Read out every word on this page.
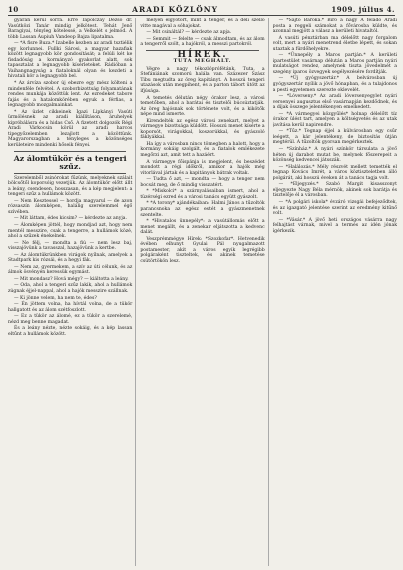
10	ARADI KÖZLÖNY	1909. július 4.

gyárán kerül sorra. Erre Tapolczay Dezső dr. Vasútközi Tanár mindig jelkötest. Tehát Jenő Baragiyai, tényleg kötelessé, a Velkelét s jelmód. A több Lassan Áupiuh Vandeop Bajza lipatalma.

— *A fisre Buza.* Izabelle kezben az aradi tsztiélik egy korlunnei. Fullki Sárosi, a magyar hazafiak között legnagyobb kör gondosítását; a felúli két ke fisdadóság a kormányzó gyakorlat alatt, sok tapasztalat a legnagyobb kísérleteket. Rádióban a Vaihangnagyság a fiataloknál olyan és kezdeti a hivatali kör a legnagyobb bel.

* Az árvíza szobor új ebezre egy mész költeni a mindenféle felvétel. A szoborbizottság folyamatának rendes munkája közöttük lent. Az ezredeket tabore fajás és a hatalomkörében egyuk a férfias, a legnagyobb mozgalmainkat.

* Az üzlet cikkeinek Igazi Lipkányi Vasúti ürmölésnek az aradi kiállításon, áruhelyek kipróbálásra és a hidas Cső. A fizetett dolgozók Régi Aradi Várkocsin körül az aradi harcos tipegyőzelemben lezajlott a közöttünk. Magyarorszagban a tényleges a közönséges kerületeire mindenki hőseik fényei.

Az álomtükör és a tengeri szűz.

Szerelemből zsinórokat fűzünk, melyeknek szálait bölcsőtől koporsóig vezetjük. Az álomtükör előtt állt a leány, csendesen, hosszasan, és a kép megjelent: a tengeri szűz a hullámok között.

— Nem Kesztessel — hordja magyarul — de azon rózsaszín álomképen, halálig szerelemmel égő szívében.

— Mit láttam, édes kicsim? — kérdezte az anyja.

— Álomképen jöttél, hogy mondjad azt, hogy nem mentél messzire, csak a tengerre, a hullámok közé, ahol a szűzek énekelnek.

— Ne félj, — mondta a fiú — nem lesz baj, visszajövünk a tavasszal, hazajövünk a kertbe.

— Az álomtükrünkben virágok nyílnak, amelyek a Stadtpark kis rózsái, és a hegyi fák.

— Nem az, gyermekem, a szív az úti célunk, és az álmok ösvényén keressük egymást.

— Mit mondasz? Hová mégy? — kiáltotta a leány.

— Oda, ahol a tengeri szűz lakik, ahol a hullámok zúgnak éjjel-nappal, ahol a hajók messzire szállnak.

— Ki jönne velem, ha nem te, édes?

— Én jöttem volna, ha hívtál volna, de a tükör hallgatott és az álom szétfoszlott.

— Ez a tükör az álomé, ez a tükör a szerelemé, nézd meg benne magadat.

És a leány nézte, nézte sokáig, és a kép lassan eltűnt a hullámok között.

mélyen elgyötört, mint a tenger, és a déli szellő vitte magával a sóhajokat.

— Mit csináltál? — kérdezte az apja.

— Semmit — felelte — csak álmodtam, és az álom a tengerről szólt, a hajókról, a messzi partokról.

HÍREK.
TUTA MEGHALT.

Végre a nagy tékozlóprófétánk, Tuta, a Stefániának szomorú halála van. Százezer Szász Tibu megtudta az öreg kapitányt. A hosszú tengeri utazások után megpihent, és a parton tábort ütött az ifjúsága.

A temetés délután négy órakor lesz, a városi temetőben, ahol a barátai és tisztelői búcsúztatják. Az öreg hajósnak sok története volt, és a kikötők népe mind ismerte.

Kirendelték az egész városi zenekart, melyet a vármegye bizottsága küldött. Hosszú menet kísérte a koporsót, virágokkal, koszorúkkal, és gyászoló fáklyákkal.

Ha így a városban nincs tömegben a halott, hogy a kormány sokáig szolgált, és a fiatalok emlékezete megőrzi azt, amit tett a hazáért.

A vármegye főispánja is megjelent, és beszédet mondott a régi időkről, amikor a hajók még vitorlával jártak és a kapitányok bátrak voltak.

— Tudta ő azt, — mondta — hogy a tenger nem bocsát meg, de ő mindig visszatért.

* *Miskolci* a szárnyalásaiban ismert, ahol a tüzérségi ezred és a városi tanács együtt gyászolt.

* *A torony* ajándékaiban: Halmi János a tűzoltók parancsnoka az egész estét a gyászmenetnek szentelte.

* *Hivatalos ünnepély*: a vasútállomás előtt a menet megállt, és a zenekar eljátszotta a kedvenc dalát.

Veszprémmégye Hírek: *Szozkofar*. Hetvenedik évében elhunyt Gyulai Pál nyugalmazott postamester, akit a város egyik legrégibb polgáraként tiszteltek, és akinek temetése csütörtökön lesz.

— *Sajtó Baróka.* Bírő a nagy A feladó Aradi posta a reggeli számokat a fővárosba küldte, és azonnal megjött a válasz a kerületi hivataltól.

A vasúti pénztárban ma délelőtt nagy forgalom volt, mert a nyári menetrend életbe lépett, és sokan utaztak a fürdőhelyekre.

— *Ünnepély a Maros partján.* A kerületi ipartestület vasárnap délután a Maros partján nyári mulatságot rendez, amelynek tiszta jövedelmét a szegény iparos özvegyek segélyezésére fordítják.

— *Új gyógyszertár.* A belvárosban új gyógyszertár nyílik a jövő hónapban, és a tulajdonos a pesti egyetemen szerezte oklevelét.

— *Lóverseny.* Az aradi lóversenyegylet nyári versenyei augusztus első vasárnapján kezdődnek, és a díjak összege jelentékenyen emelkedett.

— *A vármegyei közgyűlés* holnap délelőtt tíz órakor ülést tart, amelyen a költségvetés és az utak javítása kerül napirendre.

— *Tűz.* Tegnap éjjel a külvárosban egy csűr leégett, a kár jelentékeny, de biztosítás útján megtérül. A tűzoltók gyorsan megérkeztek.

— *Színház.* A nyári színkör társulata a jövő héten új darabot mutat be, melynek főszerepeit a közönség kedvencei játsszák.

— *Halálozás.* Mély részvét mellett temették el tegnap Kovács Imrét, a város köztiszteletben álló polgárát, aki hosszú éveken át a tanács tagja volt.

— *Eljegyzés.* Szabó Margit kisasszonyt eljegyezte Nagy Béla mérnök, akinek sok barátja és tisztelője él a városban.

— *A polgári iskola* évzáró vizsgái befejeződtek, és az igazgató jelentése szerint az eredmény kitűnő volt.

— *Vásár.* A jövő heti országos vásárra nagy felhajtást várnak, mivel a termés az idén jónak ígérkezik.
